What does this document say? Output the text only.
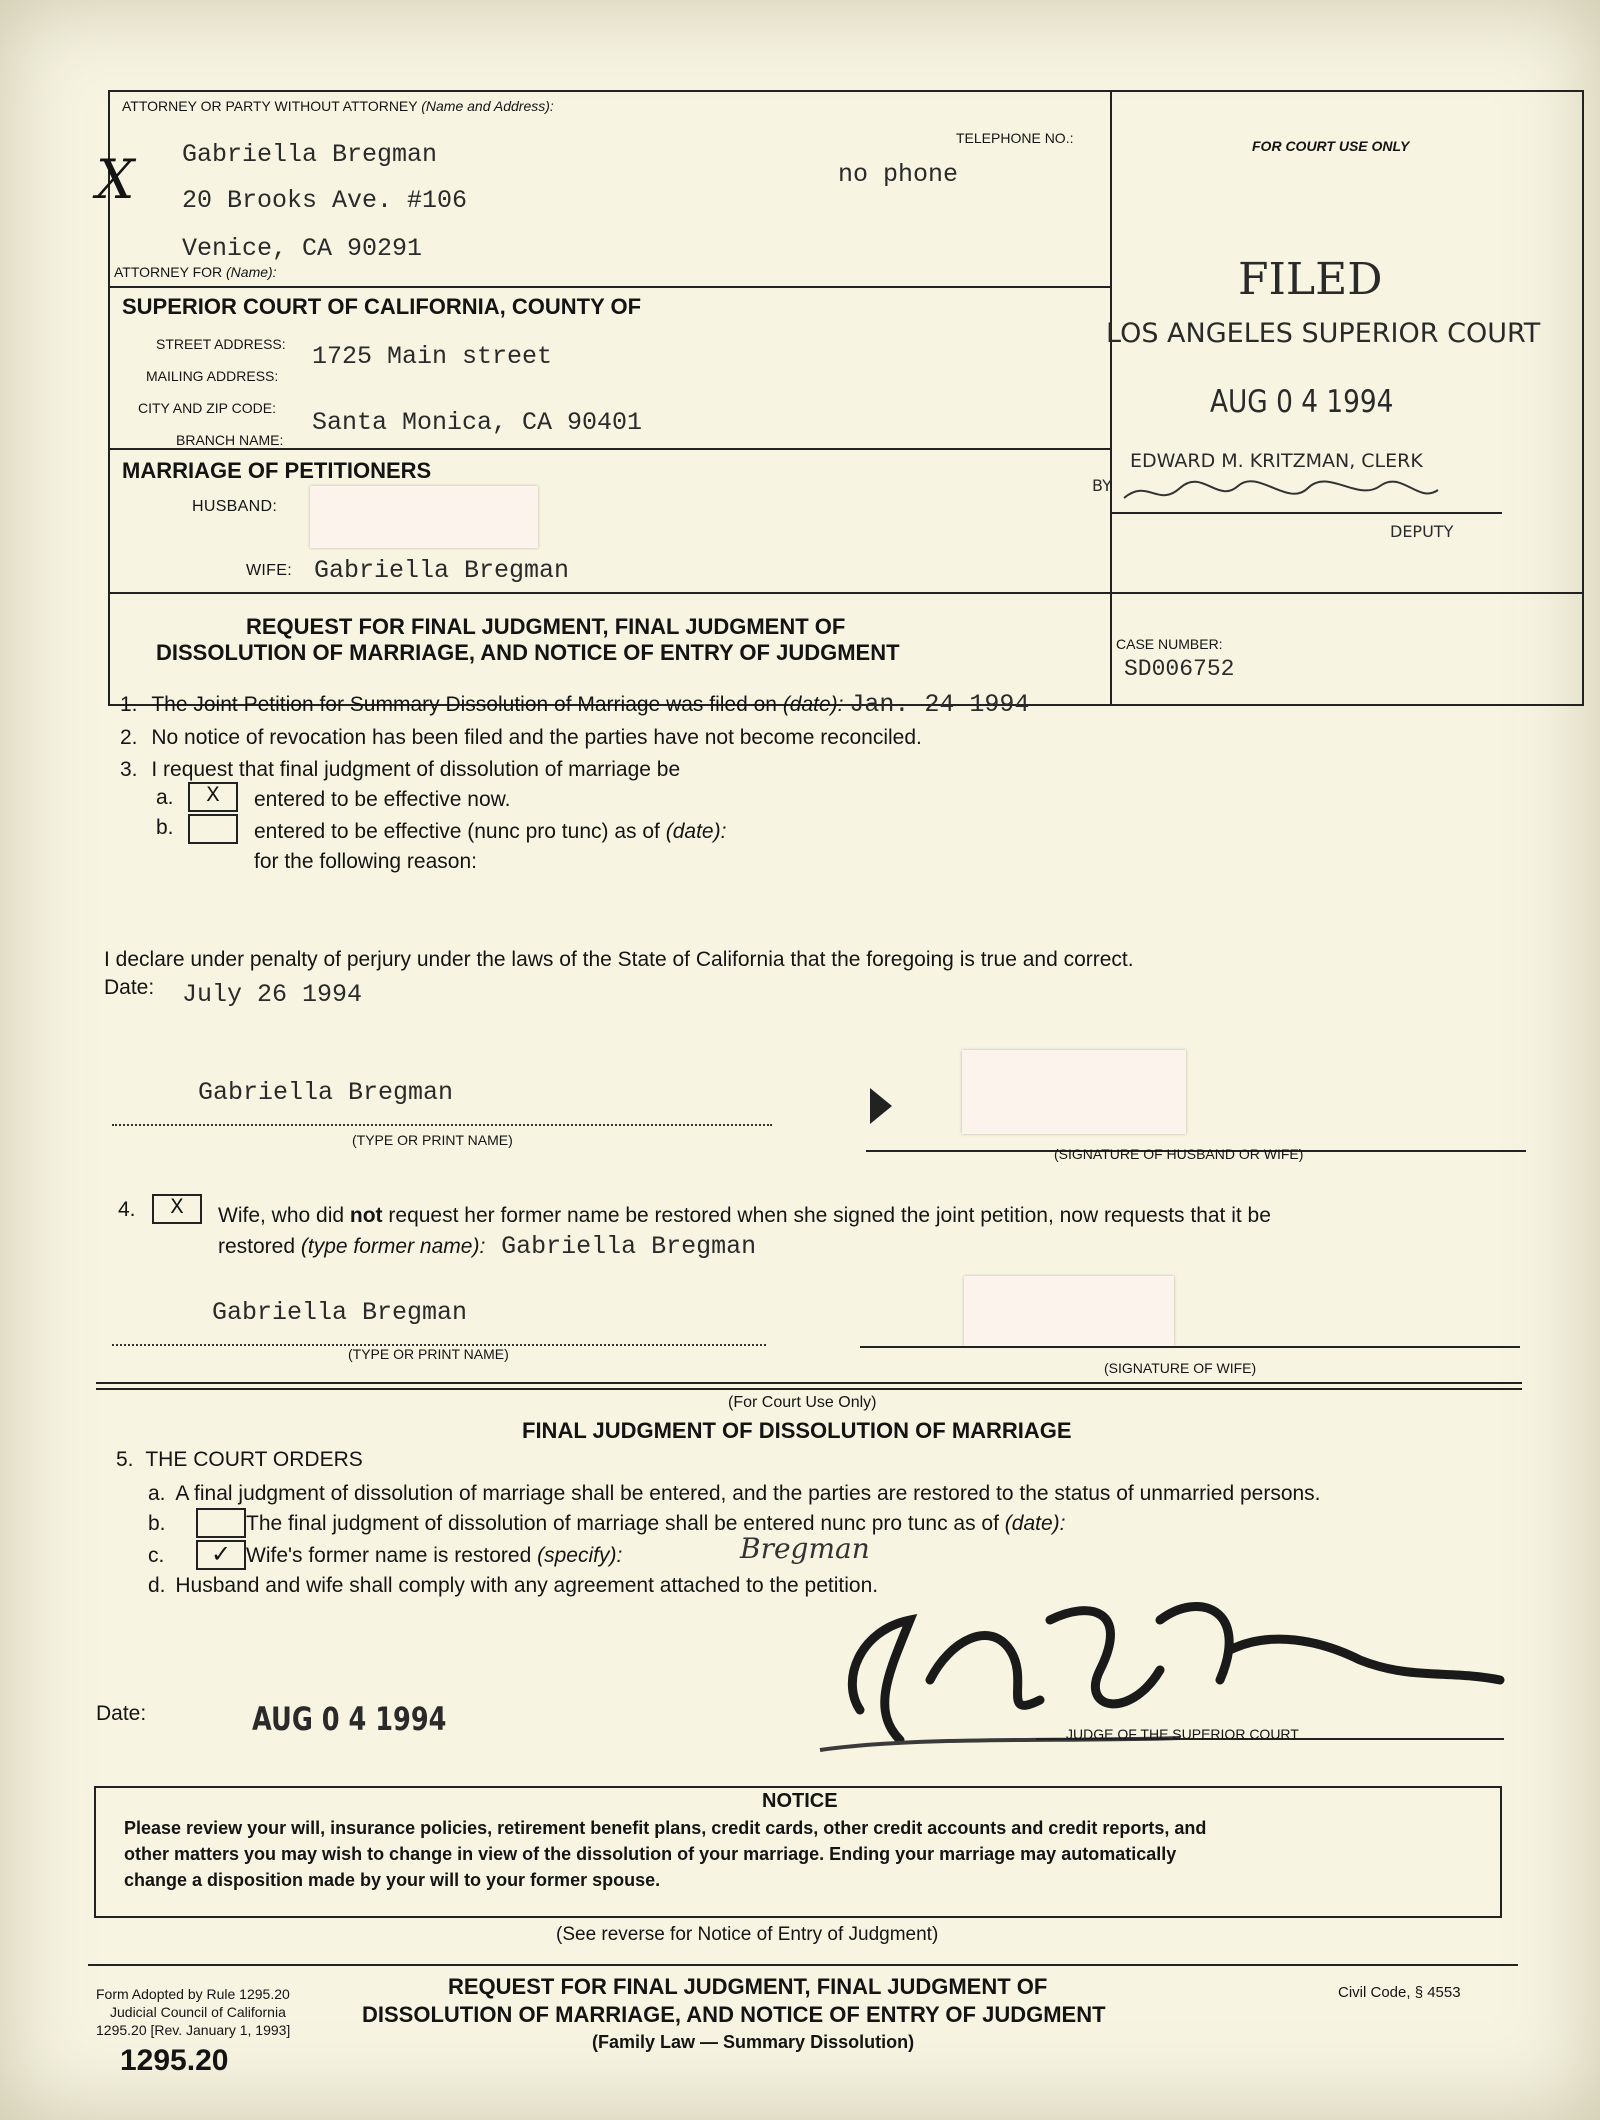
ATTORNEY OR PARTY WITHOUT ATTORNEY (Name and Address):
TELEPHONE NO.:	FOR COURT USE ONLY
X Gabriella Bregman
20 Brooks Ave. #106
Venice, CA 90291
no phone
ATTORNEY FOR (Name):
SUPERIOR COURT OF CALIFORNIA, COUNTY OF
STREET ADDRESS: 1725 Main street
MAILING ADDRESS:
CITY AND ZIP CODE: Santa Monica, CA 90401
BRANCH NAME:
MARRIAGE OF PETITIONERS
HUSBAND:
WIFE: Gabriella Bregman
FILED
LOS ANGELES SUPERIOR COURT
AUG 0 4 1994
EDWARD M. KRITZMAN, CLERK
BY
DEPUTY
REQUEST FOR FINAL JUDGMENT, FINAL JUDGMENT OF
DISSOLUTION OF MARRIAGE, AND NOTICE OF ENTRY OF JUDGMENT	CASE NUMBER:
SD006752
1. The Joint Petition for Summary Dissolution of Marriage was filed on (date): Jan. 24 1994
2. No notice of revocation has been filed and the parties have not become reconciled.
3. I request that final judgment of dissolution of marriage be
a.	X	entered to be effective now.
b.	entered to be effective (nunc pro tunc) as of (date):
for the following reason:
I declare under penalty of perjury under the laws of the State of California that the foregoing is true and correct.
Date: July 26 1994
Gabriella Bregman
(TYPE OR PRINT NAME)
(SIGNATURE OF HUSBAND OR WIFE)
4.	X	Wife, who did not request her former name be restored when she signed the joint petition, now requests that it be
restored (type former name): Gabriella Bregman
Gabriella Bregman
(TYPE OR PRINT NAME)
(SIGNATURE OF WIFE)
(For Court Use Only)
FINAL JUDGMENT OF DISSOLUTION OF MARRIAGE
5. THE COURT ORDERS
a. A final judgment of dissolution of marriage shall be entered, and the parties are restored to the status of unmarried persons.
b.	The final judgment of dissolution of marriage shall be entered nunc pro tunc as of (date):
c.	✓ Wife's former name is restored (specify):	Bregman
d. Husband and wife shall comply with any agreement attached to the petition.
Date:	AUG 0 4 1994	JUDGE OF THE SUPERIOR COURT
NOTICE
Please review your will, insurance policies, retirement benefit plans, credit cards, other credit accounts and credit reports, and
other matters you may wish to change in view of the dissolution of your marriage. Ending your marriage may automatically
change a disposition made by your will to your former spouse.
(See reverse for Notice of Entry of Judgment)
Form Adopted by Rule 1295.20
Judicial Council of California
1295.20 [Rev. January 1, 1993]
1295.20
REQUEST FOR FINAL JUDGMENT, FINAL JUDGMENT OF
DISSOLUTION OF MARRIAGE, AND NOTICE OF ENTRY OF JUDGMENT
(Family Law — Summary Dissolution)
Civil Code, § 4553
